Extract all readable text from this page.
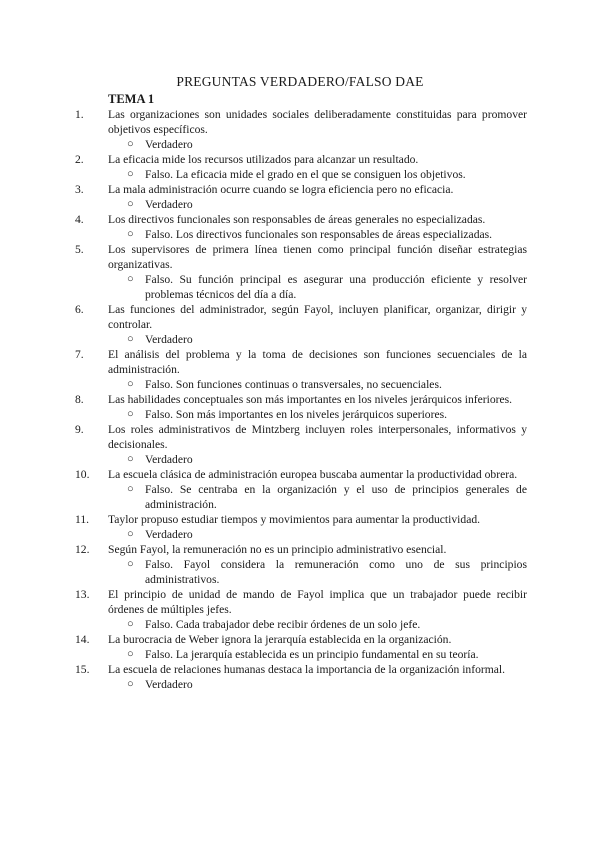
PREGUNTAS VERDADERO/FALSO DAE
TEMA 1
1. Las organizaciones son unidades sociales deliberadamente constituidas para promover objetivos específicos.
○ Verdadero
2. La eficacia mide los recursos utilizados para alcanzar un resultado.
○ Falso. La eficacia mide el grado en el que se consiguen los objetivos.
3. La mala administración ocurre cuando se logra eficiencia pero no eficacia.
○ Verdadero
4. Los directivos funcionales son responsables de áreas generales no especializadas.
○ Falso. Los directivos funcionales son responsables de áreas especializadas.
5. Los supervisores de primera línea tienen como principal función diseñar estrategias organizativas.
○ Falso. Su función principal es asegurar una producción eficiente y resolver problemas técnicos del día a día.
6. Las funciones del administrador, según Fayol, incluyen planificar, organizar, dirigir y controlar.
○ Verdadero
7. El análisis del problema y la toma de decisiones son funciones secuenciales de la administración.
○ Falso. Son funciones continuas o transversales, no secuenciales.
8. Las habilidades conceptuales son más importantes en los niveles jerárquicos inferiores.
○ Falso. Son más importantes en los niveles jerárquicos superiores.
9. Los roles administrativos de Mintzberg incluyen roles interpersonales, informativos y decisionales.
○ Verdadero
10. La escuela clásica de administración europea buscaba aumentar la productividad obrera.
○ Falso. Se centraba en la organización y el uso de principios generales de administración.
11. Taylor propuso estudiar tiempos y movimientos para aumentar la productividad.
○ Verdadero
12. Según Fayol, la remuneración no es un principio administrativo esencial.
○ Falso. Fayol considera la remuneración como uno de sus principios administrativos.
13. El principio de unidad de mando de Fayol implica que un trabajador puede recibir órdenes de múltiples jefes.
○ Falso. Cada trabajador debe recibir órdenes de un solo jefe.
14. La burocracia de Weber ignora la jerarquía establecida en la organización.
○ Falso. La jerarquía establecida es un principio fundamental en su teoría.
15. La escuela de relaciones humanas destaca la importancia de la organización informal.
○ Verdadero
